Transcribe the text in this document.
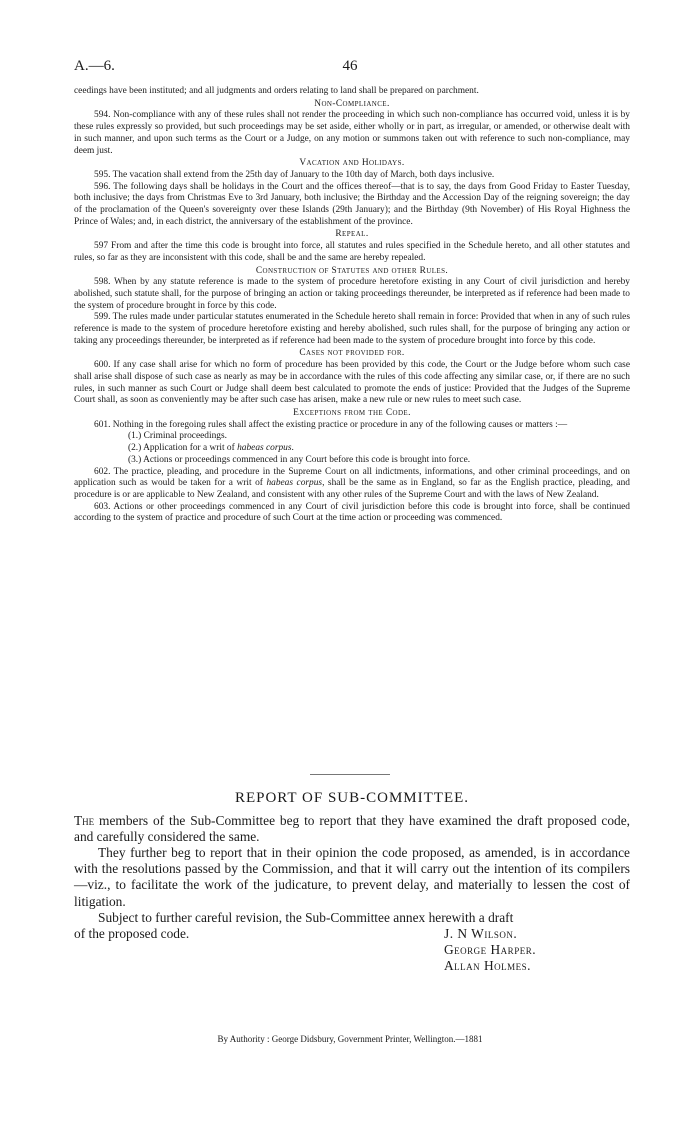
A.—6.	46

ceedings have been instituted; and all judgments and orders relating to land shall be prepared on parchment.

Non-Compliance.

594. Non-compliance with any of these rules shall not render the proceeding in which such non-compliance has occurred void, unless it is by these rules expressly so provided, but such proceedings may be set aside, either wholly or in part, as irregular, or amended, or otherwise dealt with in such manner, and upon such terms as the Court or a Judge, on any motion or summons taken out with reference to such non-compliance, may deem just.

Vacation and Holidays.

595. The vacation shall extend from the 25th day of January to the 10th day of March, both days inclusive.

596. The following days shall be holidays in the Court and the offices thereof—that is to say, the days from Good Friday to Easter Tuesday, both inclusive; the days from Christmas Eve to 3rd January, both inclusive; the Birthday and the Accession Day of the reigning sovereign; the day of the proclamation of the Queen's sovereignty over these Islands (29th January); and the Birthday (9th November) of His Royal Highness the Prince of Wales; and, in each district, the anniversary of the establishment of the province.

Repeal.

597 From and after the time this code is brought into force, all statutes and rules specified in the Schedule hereto, and all other statutes and rules, so far as they are inconsistent with this code, shall be and the same are hereby repealed.

Construction of Statutes and other Rules.

598. When by any statute reference is made to the system of procedure heretofore existing in any Court of civil jurisdiction and hereby abolished, such statute shall, for the purpose of bringing an action or taking proceedings thereunder, be interpreted as if reference had been made to the system of procedure brought in force by this code.

599. The rules made under particular statutes enumerated in the Schedule hereto shall remain in force: Provided that when in any of such rules reference is made to the system of procedure heretofore existing and hereby abolished, such rules shall, for the purpose of bringing any action or taking any proceedings thereunder, be interpreted as if reference had been made to the system of procedure brought into force by this code.

Cases not provided for.

600. If any case shall arise for which no form of procedure has been provided by this code, the Court or the Judge before whom such case shall arise shall dispose of such case as nearly as may be in accordance with the rules of this code affecting any similar case, or, if there are no such rules, in such manner as such Court or Judge shall deem best calculated to promote the ends of justice: Provided that the Judges of the Supreme Court shall, as soon as conveniently may be after such case has arisen, make a new rule or new rules to meet such case.

Exceptions from the Code.

601. Nothing in the foregoing rules shall affect the existing practice or procedure in any of the following causes or matters :—

(1.) Criminal proceedings.

(2.) Application for a writ of habeas corpus.

(3.) Actions or proceedings commenced in any Court before this code is brought into force.

602. The practice, pleading, and procedure in the Supreme Court on all indictments, informations, and other criminal proceedings, and on application such as would be taken for a writ of habeas corpus, shall be the same as in England, so far as the English practice, pleading, and procedure is or are applicable to New Zealand, and consistent with any other rules of the Supreme Court and with the laws of New Zealand.

603. Actions or other proceedings commenced in any Court of civil jurisdiction before this code is brought into force, shall be continued according to the system of practice and procedure of such Court at the time action or proceeding was commenced.

REPORT OF SUB-COMMITTEE.

The members of the Sub-Committee beg to report that they have examined the draft proposed code, and carefully considered the same.

They further beg to report that in their opinion the code proposed, as amended, is in accordance with the resolutions passed by the Commission, and that it will carry out the intention of its compilers—viz., to facilitate the work of the judicature, to prevent delay, and materially to lessen the cost of litigation.

Subject to further careful revision, the Sub-Committee annex herewith a draft

of the proposed code.	J. N Wilson.
George Harper.
Allan Holmes.
By Authority : George Didsbury, Government Printer, Wellington.—1881
